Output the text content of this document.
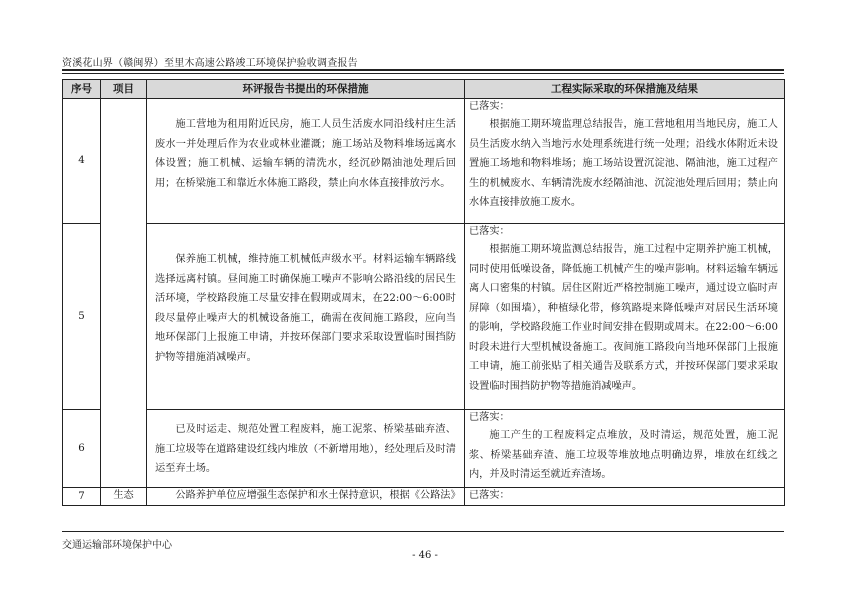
资溪花山界（赣闽界）至里木高速公路竣工环境保护验收调查报告
序号	项目	环评报告书提出的环保措施	工程实际采取的环保措施及结果
4		施工营地为租用附近民房，施工人员生活废水同沿线村庄生活废水一并处理后作为农业或林业灌溉；施工场站及物料堆场远离水体设置；施工机械、运输车辆的清洗水，经沉砂隔油池处理后回用；在桥梁施工和靠近水体施工路段，禁止向水体直接排放污水。	已落实：
根据施工期环境监理总结报告，施工营地租用当地民房，施工人员生活废水纳入当地污水处理系统进行统一处理；沿线水体附近未设置施工场地和物料堆场；施工场站设置沉淀池、隔油池，施工过程产生的机械废水、车辆清洗废水经隔油池、沉淀池处理后回用；禁止向水体直接排放施工废水。

5		保养施工机械，维持施工机械低声级水平。材料运输车辆路线选择远离村镇。昼间施工时确保施工噪声不影响公路沿线的居民生活环境，学校路段施工尽量安排在假期或周末，在22:00～6:00时段尽量停止噪声大的机械设备施工，确需在夜间施工路段，应向当地环保部门上报施工申请，并按环保部门要求采取设置临时围挡防护物等措施消减噪声。	已落实：
根据施工期环境监测总结报告，施工过程中定期养护施工机械，同时使用低噪设备，降低施工机械产生的噪声影响。材料运输车辆远离人口密集的村镇。居住区附近严格控制施工噪声，通过设立临时声屏障（如围墙），种植绿化带，修筑路堤来降低噪声对居民生活环境的影响，学校路段施工作业时间安排在假期或周末。在22:00～6:00时段未进行大型机械设备施工。夜间施工路段向当地环保部门上报施工申请，施工前张贴了相关通告及联系方式，并按环保部门要求采取设置临时围挡防护物等措施消减噪声。

6		已及时运走、规范处置工程废料，施工泥浆、桥梁基础弃渣、施工垃圾等在道路建设红线内堆放（不新增用地），经处理后及时清运至弃土场。	已落实：
施工产生的工程废料定点堆放，及时清运，规范处置，施工泥浆、桥梁基础弃渣、施工垃圾等堆放地点明确边界，堆放在红线之内，并及时清运至就近弃渣场。

7	生态	公路养护单位应增强生态保护和水土保持意识，根据《公路法》	已落实：
交通运输部环境保护中心
- 46 -
